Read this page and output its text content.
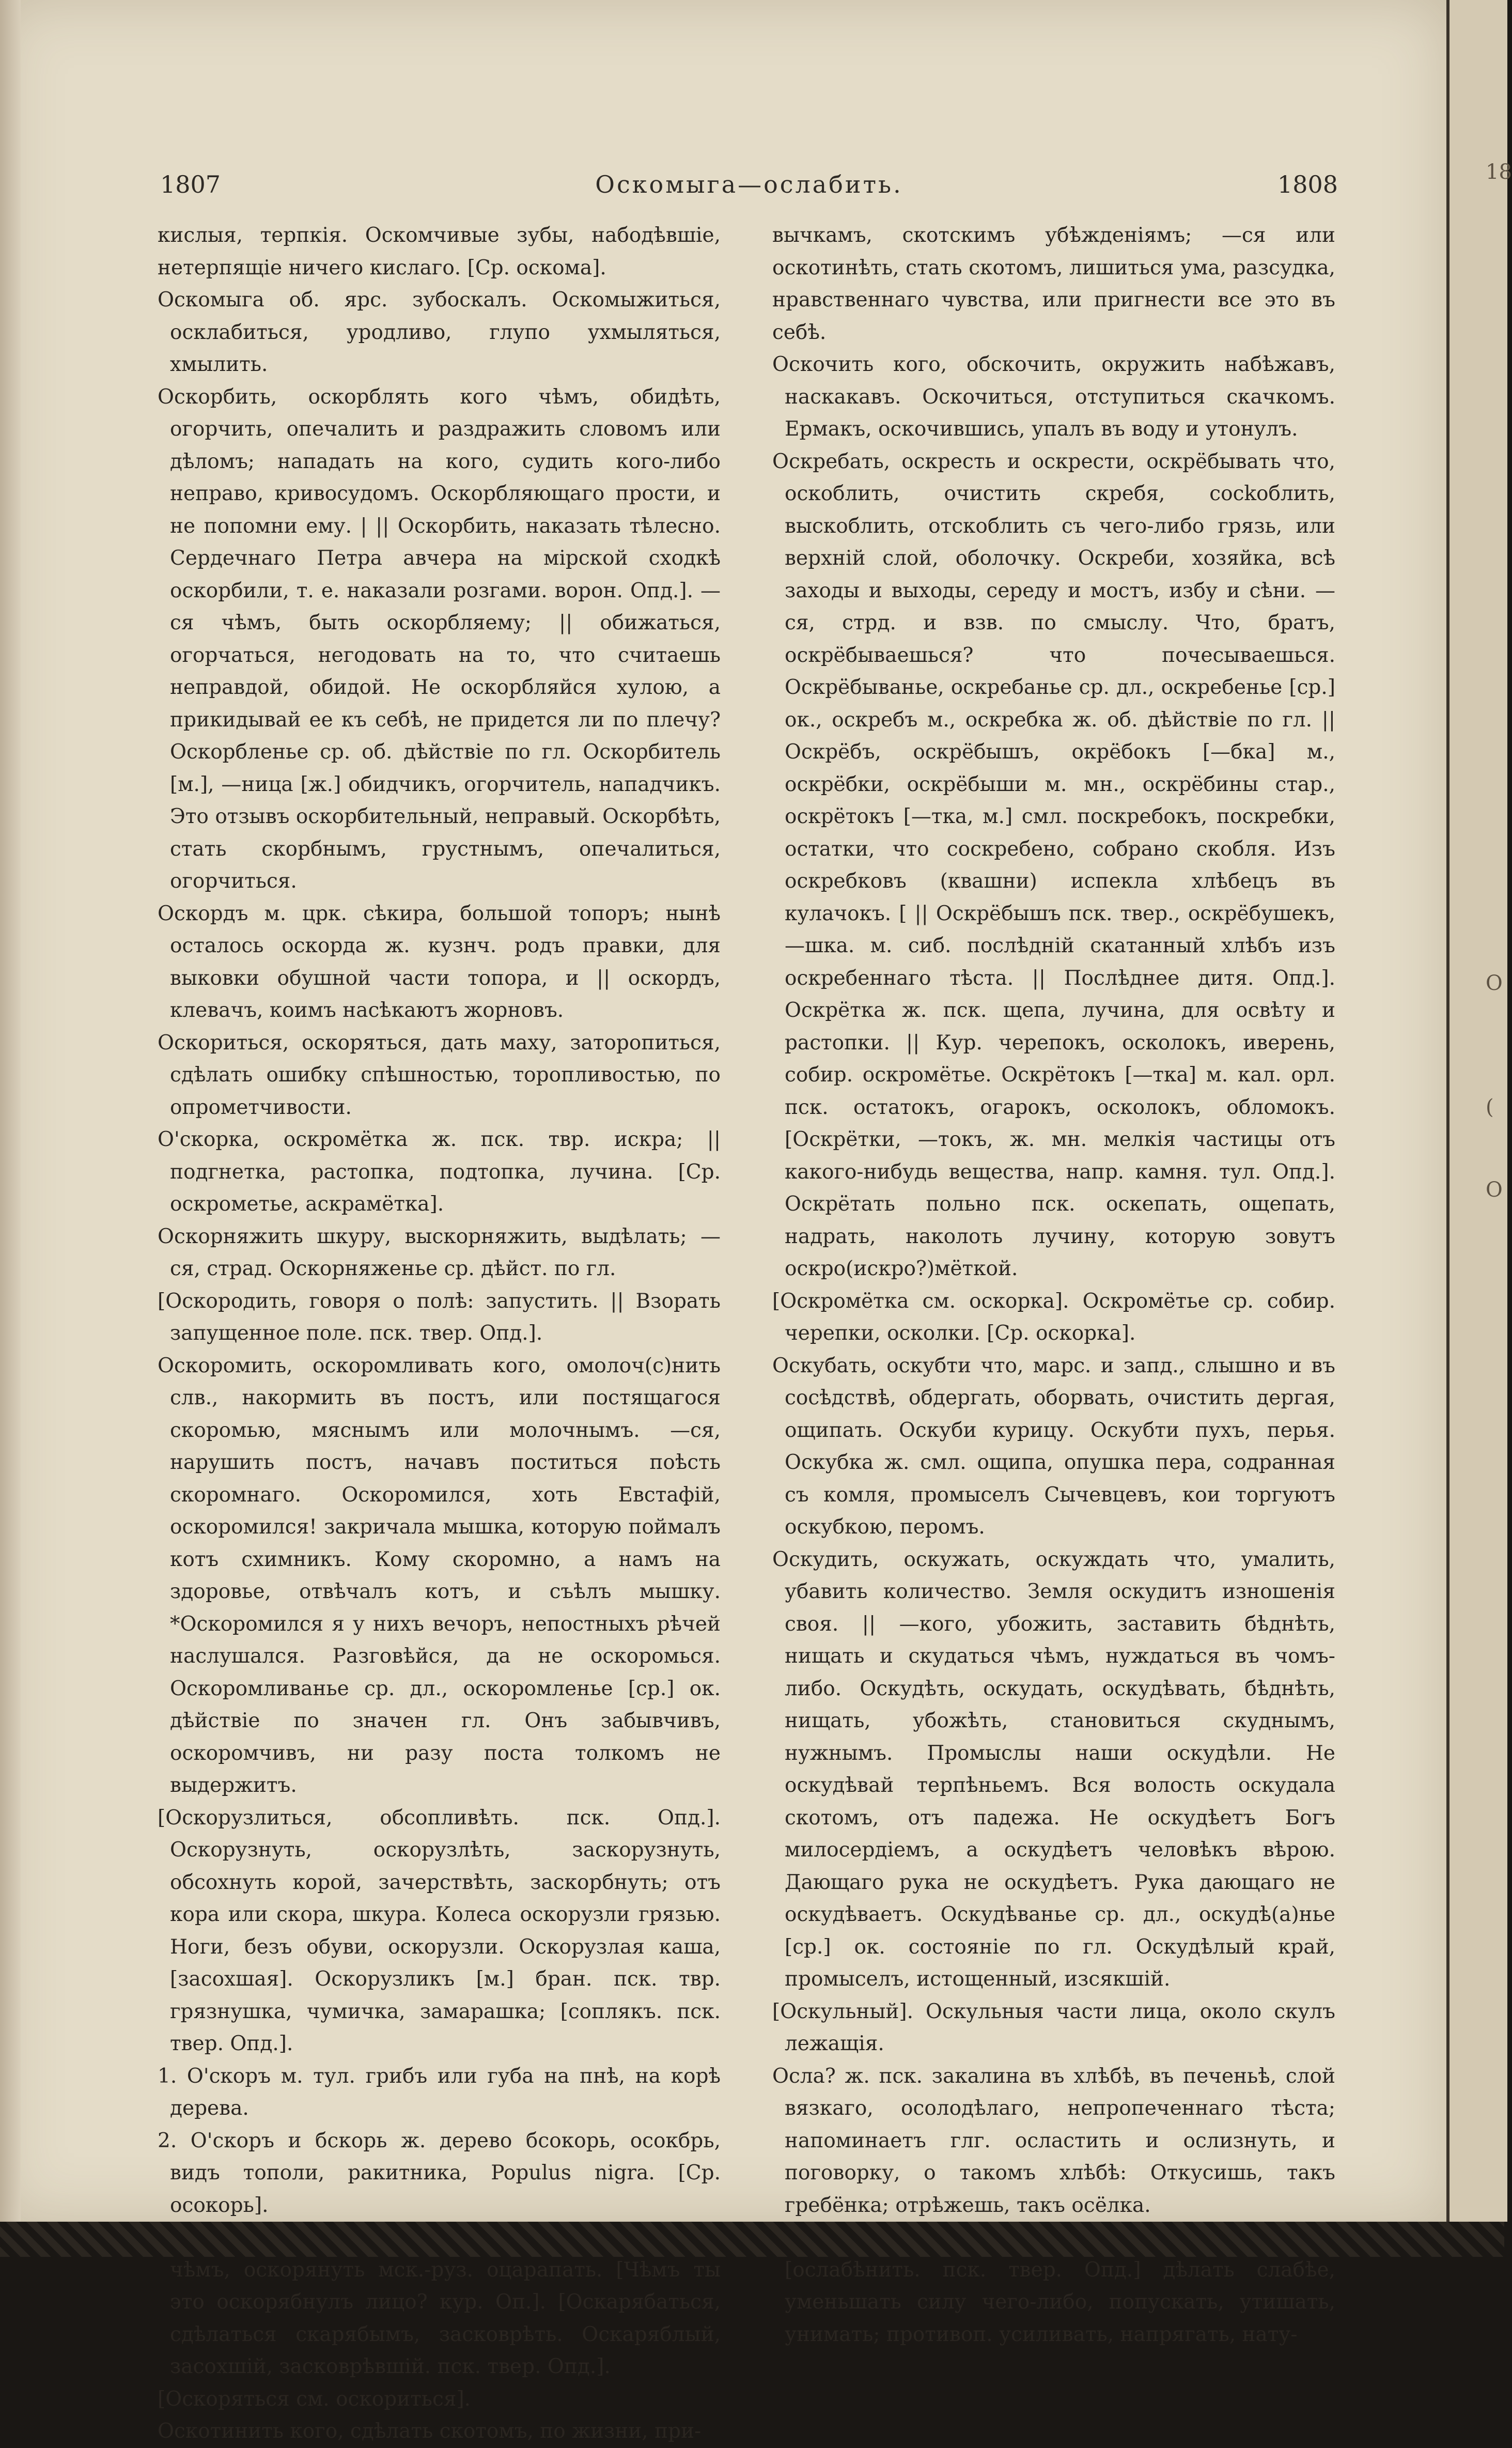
1807	Оскомыга—ослабить.	1808

кислыя, терпкія. Оскомчивые зубы, набодѣвшіе, нетерпящіе ничего кислаго. [Ср. оскома].

Оскомыга об. ярс. зубоскалъ. Оскомыжиться, осклабиться, уродливо, глупо ухмыляться, хмылить.

Оскорбить, оскорблять кого чѣмъ, обидѣть, огорчить, опечалить и раздражить словомъ или дѣломъ; нападать на кого, судить кого-либо неправо, кривосудомъ. Оскорбляющаго прости, и не попомни ему. | || Оскорбить, наказать тѣлесно. Сердечнаго Петра авчера на мірской сходкѣ оскорбили, т. е. наказали розгами. ворон. Опд.]. —ся чѣмъ, быть оскорбляему; || обижаться, огорчаться, негодовать на то, что считаешь неправдой, обидой. Не оскорбляйся хулою, а прикидывай ее къ себѣ, не придется ли по плечу? Оскорбленье ср. об. дѣйствіе по гл. Оскорбитель [м.], —ница [ж.] обидчикъ, огорчитель, нападчикъ. Это отзывъ оскорбительный, неправый. Оскорбѣть, стать скорбнымъ, грустнымъ, опечалиться, огорчиться.

Оскордъ м. црк. сѣкира, большой топоръ; нынѣ осталось оскорда ж. кузнч. родъ правки, для выковки обушной части топора, и || оскордъ, клевачъ, коимъ насѣкаютъ жорновъ.

Оскориться, оскоряться, дать маху, заторопиться, сдѣлать ошибку спѣшностью, торопливостью, по опрометчивости.

О'скорка, оскромётка ж. пск. твр. искра; || подгнетка, растопка, подтопка, лучина. [Ср. оскрометье, аскрамётка].

Оскорняжить шкуру, выскорняжить, выдѣлать; —ся, страд. Оскорняженье ср. дѣйст. по гл.

[Оскородить, говоря о полѣ: запустить. || Взорать запущенное поле. пск. твер. Опд.].

Оскоромить, оскоромливать кого, омолоч(с)нить слв., накормить въ постъ, или постящагося скоромью, мяснымъ или молочнымъ. —ся, нарушить постъ, начавъ поститься поѣсть скоромнаго. Оскоромился, хоть Евстафій, оскоромился! закричала мышка, которую поймалъ котъ схимникъ. Кому скоромно, а намъ на здоровье, отвѣчалъ котъ, и съѣлъ мышку. *Оскоромился я у нихъ вечоръ, непостныхъ рѣчей наслушался. Разговѣйся, да не оскоромься. Оскоромливанье ср. дл., оскоромленье [ср.] ок. дѣйствіе по значен гл. Онъ забывчивъ, оскоромчивъ, ни разу поста толкомъ не выдержитъ.

[Оскорузлиться, обсопливѣть. пск. Опд.]. Оскорузнуть, оскорузлѣть, заскорузнуть, обсохнуть корой, зачерствѣть, заскорбнуть; отъ кора или скора, шкура. Колеса оскорузли грязью. Ноги, безъ обуви, оскорузли. Оскорузлая каша, [засохшая]. Оскорузликъ [м.] бран. пск. твр. грязнушка, чумичка, замарашка; [соплякъ. пск. твер. Опд.].

1. О'скоръ м. тул. грибъ или губа на пнѣ, на корѣ дерева.

2. О'скоръ и бскорь ж. дерево бсокорь, осокбрь, видъ тополи, ракитника, Populus nigra. [Ср. осокорь].

чѣмъ, оскорянуть мск.-руз. оцарапать. [Чѣмъ ты это оскорябнулъ лицо? кур. Оп.]. [Оскарябаться, сдѣлаться скарябымъ, засковрѣть. Оскаряблый, засохшій, засковрѣвшій. пск. твер. Опд.].

[Оскоряться см. оскориться].

Оскотинить кого, сдѣлать скотомъ, по жизни, при-

вычкамъ, скотскимъ убѣжденіямъ; —ся или оскотинѣть, стать скотомъ, лишиться ума, разсудка, нравственнаго чувства, или пригнести все это въ себѣ.

Оскочить кого, обскочить, окружить набѣжавъ, наскакавъ. Оскочиться, отступиться скачкомъ. Ермакъ, оскочившись, упалъ въ воду и утонулъ.

Оскребать, оскресть и оскрести, оскрёбывать что, оскоблить, очистить скребя, сосkоблить, выскоблить, отскоблить съ чего-либо грязь, или верхній слой, оболочку. Оскреби, хозяйка, всѣ заходы и выходы, середу и мостъ, избу и сѣни. —ся, стрд. и взв. по смыслу. Что, братъ, оскрёбываешься? что почесываешься. Оскрёбыванье, оскребанье ср. дл., оскребенье [ср.] ок., оскребъ м., оскребка ж. об. дѣйствіе по гл. || Оскрёбъ, оскрёбышъ, окрёбокъ [—бка] м., оскрёбки, оскрёбыши м. мн., оскрёбины стар., оскрётокъ [—тка, м.] смл. поскребокъ, поскребки, остатки, что соскребено, собрано скобля. Изъ оскребковъ (квашни) испекла хлѣбецъ въ кулачокъ. [ || Оскрёбышъ пск. твер., оскрёбушекъ, —шка. м. сиб. послѣдній скатанный хлѣбъ изъ оскребеннаго тѣста. || Послѣднее дитя. Опд.]. Оскрётка ж. пск. щепа, лучина, для освѣту и растопки. || Кур. черепокъ, осколокъ, иверень, собир. оскромётье. Оскрётокъ [—тка] м. кал. орл. пск. остатокъ, огарокъ, осколокъ, обломокъ. [Оскрётки, —токъ, ж. мн. мелкія частицы отъ какого-нибудь вещества, напр. камня. тул. Опд.]. Оскрётать польно пск. оскепать, ощепать, надрать, наколоть лучину, которую зовутъ оскро(искро?)мёткой.

[Оскромётка см. оскорка]. Оскромётье ср. собир. черепки, осколки. [Ср. оскорка].

Оскубать, оскубти что, марс. и запд., слышно и въ сосѣдствѣ, обдергать, оборвать, очистить дергая, ощипать. Оскуби курицу. Оскубти пухъ, перья. Оскубка ж. смл. ощипа, опушка пера, содранная съ комля, промыселъ Сычевцевъ, кои торгуютъ оскубкою, перомъ.

Оскудить, оскужать, оскуждать что, умалить, убавить количество. Земля оскудитъ изношенія своя. || —кого, убожить, заставить бѣднѣть, нищать и скудаться чѣмъ, нуждаться въ чомъ-либо. Оскудѣть, оскудать, оскудѣвать, бѣднѣть, нищать, убожѣть, становиться скуднымъ, нужнымъ. Промыслы наши оскудѣли. Не оскудѣвай терпѣньемъ. Вся волость оскудала скотомъ, отъ падежа. Не оскудѣетъ Богъ милосердіемъ, а оскудѣетъ человѣкъ вѣрою. Дающаго рука не оскудѣетъ. Рука дающаго не оскудѣваетъ. Оскудѣванье ср. дл., оскудѣ(а)нье [ср.] ок. состояніе по гл. Оскудѣлый край, промыселъ, истощенный, изсякшій.

[Оскульный]. Оскульныя части лица, около скулъ лежащія.

Осла? ж. пск. закалина въ хлѣбѣ, въ печеньѣ, слой вязкаго, осолодѣлаго, непропеченнаго тѣста; напоминаетъ глг. осластить и ослизнуть, и поговорку, о такомъ хлѣбѣ: Откусишь, такъ гребёнка; отрѣжешь, такъ осёлка.

[ослабѣнить. пск. твер. Опд.] дѣлать слабѣе, уменьшать силу чего-либо, попускать, утишать, унимать; противоп. усиливать, напрягать, нату-

18
О
(
О
